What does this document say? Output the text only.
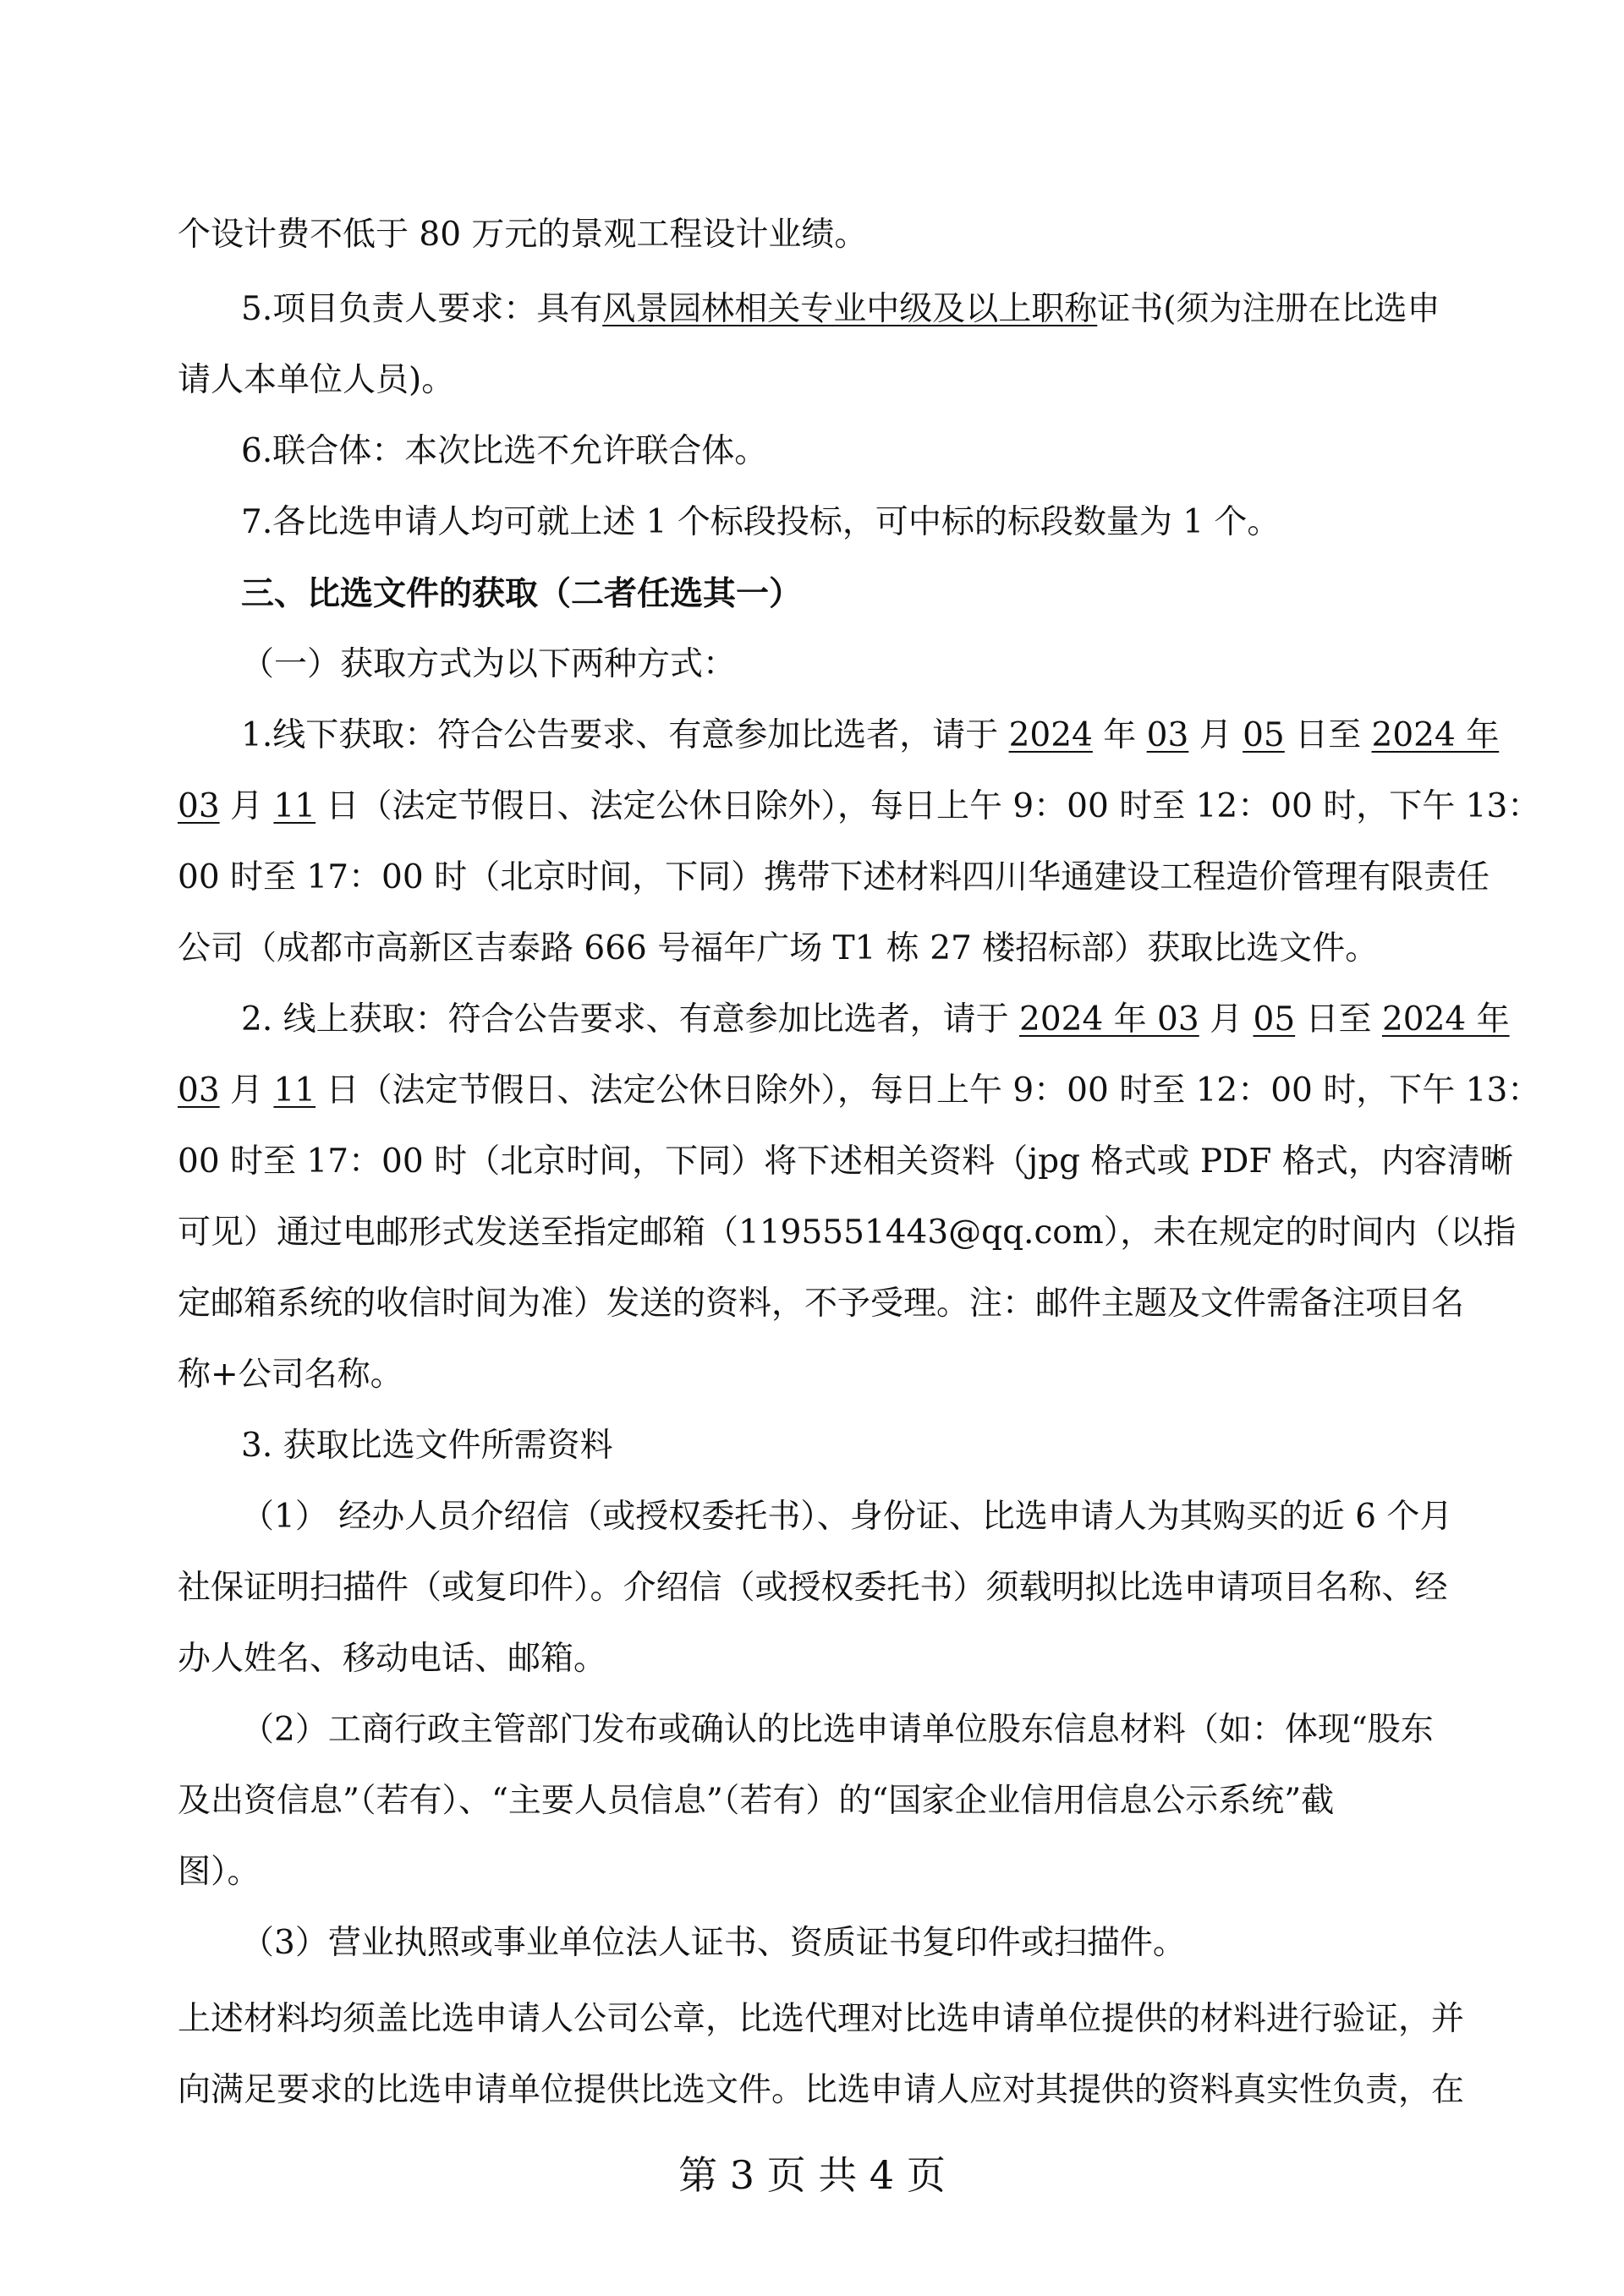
个设计费不低于 80 万元的景观工程设计业绩。
5.项目负责人要求：具有风景园林相关专业中级及以上职称证书(须为注册在比选申
请人本单位人员)。
6.联合体：本次比选不允许联合体。
7.各比选申请人均可就上述 1 个标段投标，可中标的标段数量为 1 个。
三、比选文件的获取（二者任选其一）
（一）获取方式为以下两种方式：
1.线下获取：符合公告要求、有意参加比选者，请于 2024 年 03 月 05 日至 2024 年
03 月 11 日（法定节假日、法定公休日除外），每日上午 9：00 时至 12：00 时，下午 13：
00 时至 17：00 时（北京时间，下同）携带下述材料四川华通建设工程造价管理有限责任
公司（成都市高新区吉泰路 666 号福年广场 T1 栋 27 楼招标部）获取比选文件。
2. 线上获取：符合公告要求、有意参加比选者，请于 2024 年 03 月 05 日至 2024 年
03 月 11 日（法定节假日、法定公休日除外），每日上午 9：00 时至 12：00 时，下午 13：
00 时至 17：00 时（北京时间，下同）将下述相关资料（jpg 格式或 PDF 格式，内容清晰
可见）通过电邮形式发送至指定邮箱（1195551443@qq.com），未在规定的时间内（以指
定邮箱系统的收信时间为准）发送的资料，不予受理。注：邮件主题及文件需备注项目名
称+公司名称。
3. 获取比选文件所需资料
（1） 经办人员介绍信（或授权委托书）、身份证、比选申请人为其购买的近 6 个月
社保证明扫描件（或复印件）。介绍信（或授权委托书）须载明拟比选申请项目名称、经
办人姓名、移动电话、邮箱。
（2）工商行政主管部门发布或确认的比选申请单位股东信息材料（如：体现“股东
及出资信息”（若有）、“主要人员信息”（若有）的“国家企业信用信息公示系统”截
图）。
（3）营业执照或事业单位法人证书、资质证书复印件或扫描件。
上述材料均须盖比选申请人公司公章，比选代理对比选申请单位提供的材料进行验证，并
向满足要求的比选申请单位提供比选文件。比选申请人应对其提供的资料真实性负责，在
第 3 页 共 4 页
